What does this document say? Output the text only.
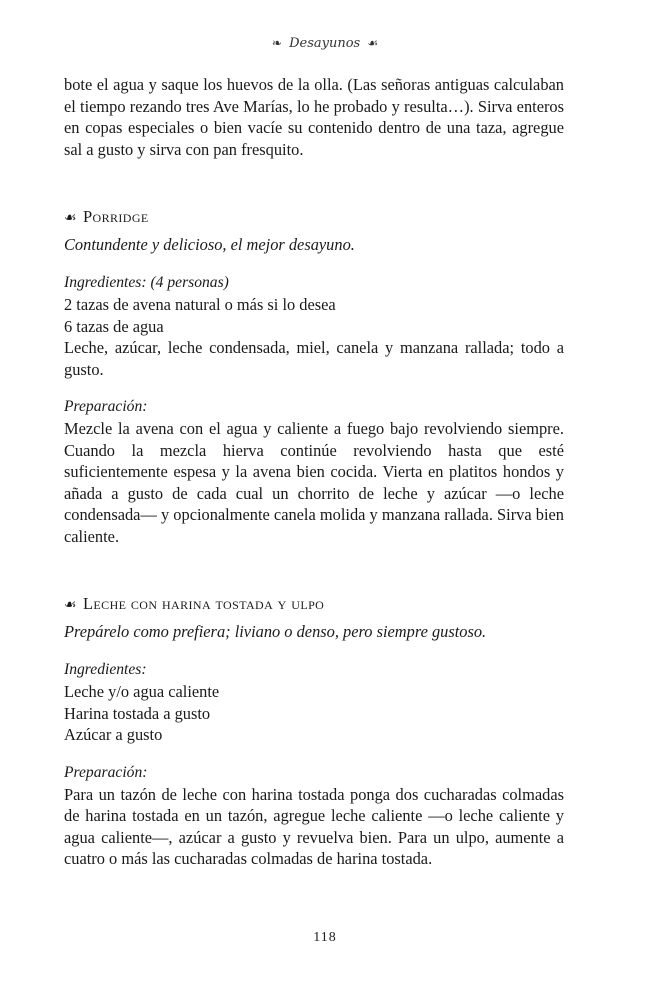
❧ Desayunos ☙

bote el agua y saque los huevos de la olla. (Las señoras antiguas calculaban el tiempo rezando tres Ave Marías, lo he probado y resulta…). Sirva enteros en copas especiales o bien vacíe su contenido dentro de una taza, agregue sal a gusto y sirva con pan fresquito.

☙ Porridge
Contundente y delicioso, el mejor desayuno.
Ingredientes: (4 personas)
2 tazas de avena natural o más si lo desea
6 tazas de agua
Leche, azúcar, leche condensada, miel, canela y manzana rallada; todo a gusto.
Preparación:

Mezcle la avena con el agua y caliente a fuego bajo revolviendo siempre. Cuando la mezcla hierva continúe revolviendo hasta que esté suficientemente espesa y la avena bien cocida. Vierta en platitos hondos y añada a gusto de cada cual un chorrito de leche y azúcar —o leche condensada— y opcionalmente canela molida y manzana rallada. Sirva bien caliente.

☙ Leche con harina tostada y ulpo
Prepárelo como prefiera; liviano o denso, pero siempre gustoso.
Ingredientes:
Leche y/o agua caliente
Harina tostada a gusto
Azúcar a gusto
Preparación:

Para un tazón de leche con harina tostada ponga dos cucharadas colmadas de harina tostada en un tazón, agregue leche caliente —o leche caliente y agua caliente—, azúcar a gusto y revuelva bien. Para un ulpo, aumente a cuatro o más las cucharadas colmadas de harina tostada.

118
